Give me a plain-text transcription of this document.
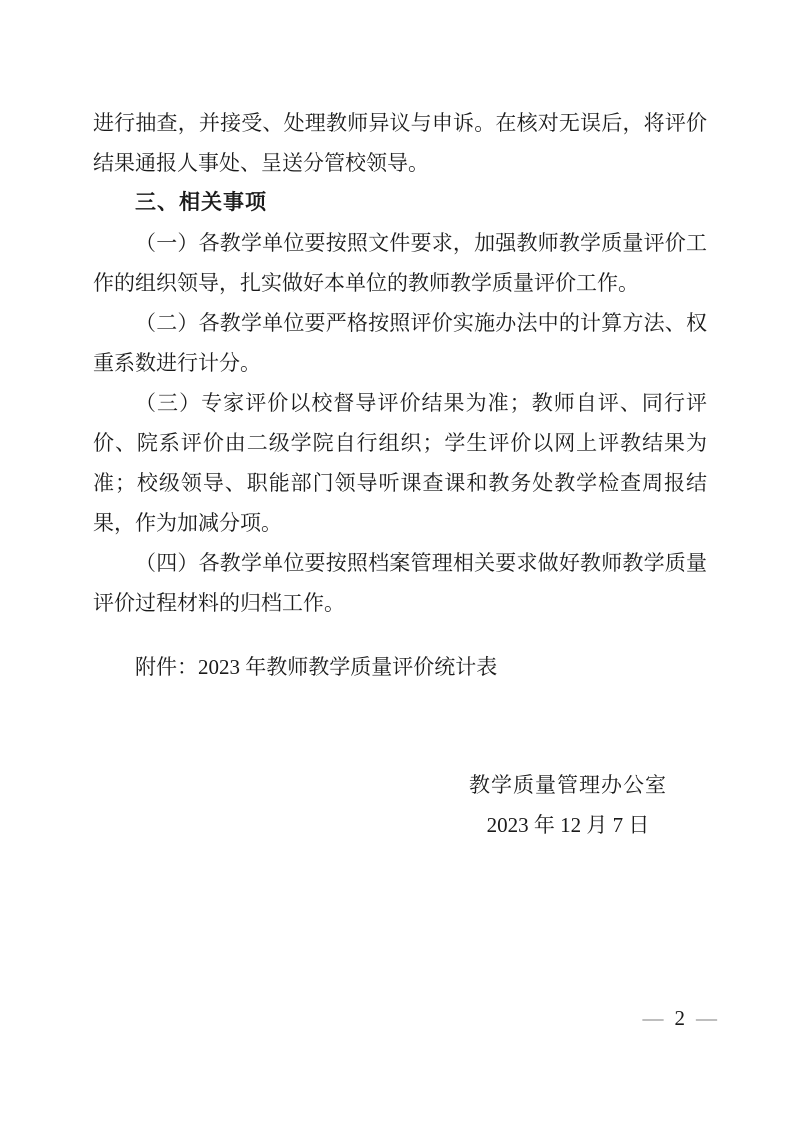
进行抽查，并接受、处理教师异议与申诉。在核对无误后，将评价结果通报人事处、呈送分管校领导。

三、相关事项

（一）各教学单位要按照文件要求，加强教师教学质量评价工作的组织领导，扎实做好本单位的教师教学质量评价工作。

（二）各教学单位要严格按照评价实施办法中的计算方法、权重系数进行计分。

（三）专家评价以校督导评价结果为准；教师自评、同行评价、院系评价由二级学院自行组织；学生评价以网上评教结果为准；校级领导、职能部门领导听课查课和教务处教学检查周报结果，作为加减分项。

（四）各教学单位要按照档案管理相关要求做好教师教学质量评价过程材料的归档工作。

附件：2023 年教师教学质量评价统计表

教学质量管理办公室
2023 年 12 月 7 日
— 2 —
